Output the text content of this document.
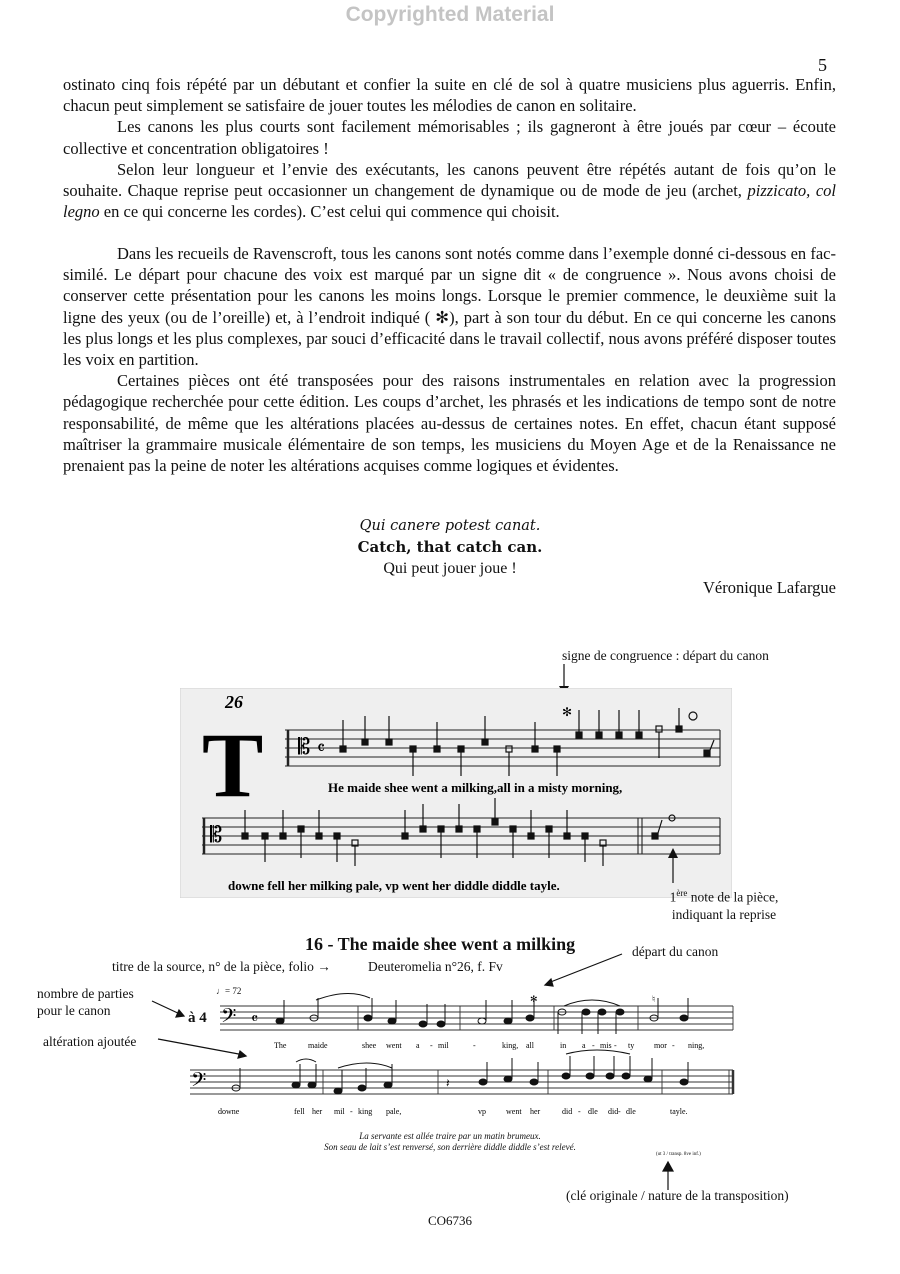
Copyrighted Material
5

ostinato cinq fois répété par un débutant et confier la suite en clé de sol à quatre musiciens plus aguerris. Enfin, chacun peut simplement se satisfaire de jouer toutes les mélodies de canon en solitaire.

Les canons les plus courts sont facilement mémorisables ; ils gagneront à être joués par cœur – écoute collective et concentration obligatoires !

Selon leur longueur et l’envie des exécutants, les canons peuvent être répétés autant de fois qu’on le souhaite. Chaque reprise peut occasionner un changement de dynamique ou de mode de jeu (archet, pizzicato, col legno en ce qui concerne les cordes). C’est celui qui commence qui choisit.

Dans les recueils de Ravenscroft, tous les canons sont notés comme dans l’exemple donné ci-dessous en fac-similé. Le départ pour chacune des voix est marqué par un signe dit « de congruence ». Nous avons choisi de conserver cette présentation pour les canons les moins longs. Lorsque le premier commence, le deuxième suit la ligne des yeux (ou de l’oreille) et, à l’endroit indiqué ( ✻), part à son tour du début. En ce qui concerne les canons les plus longs et les plus complexes, par souci d’efficacité dans le travail collectif, nous avons préféré disposer toutes les voix en partition.

Certaines pièces ont été transposées pour des raisons instrumentales en relation avec la progression pédagogique recherchée pour cette édition. Les coups d’archet, les phrasés et les indications de tempo sont de notre responsabilité, de même que les altérations placées au-dessus de certaines notes. En effet, chacun étant supposé maîtriser la grammaire musicale élémentaire de son temps, les musiciens du Moyen Age et de la Renaissance ne prenaient pas la peine de noter les altérations acquises comme logiques et évidentes.

Qui canere potest canat.
Catch, that catch can.
Qui peut jouer joue !
Véronique Lafargue
signe de congruence : départ du canon
26
T 𝄡 𝄴
✻
He maide shee went a milking,all in a misty morning,
𝄡
downe fell her milking pale, vp went her diddle diddle tayle.
1ère note de la pièce,
indiquant la reprise
16 - The maide shee went a milking	départ du canon
titre de la source, n° de la pièce, folio →	Deuteromelia n°26, f. Fv
nombre de parties
pour le canon
altération ajoutée
à 4
♩= 72
𝄢 𝄴
✻	♮
The	maide	shee went a - mil	-	king, all	in a - mis - ty mor - ning,
𝄢	𝄽
downe	fell her mil - king pale,	vp	went her	did - dle did- dle	tayle.
La servante est allée traire par un matin brumeux.
Son seau de lait s’est renversé, son derrière diddle diddle s’est relevé.
(ut 3 / transp. 8ve inf.)
(clé originale / nature de la transposition)
CO6736
